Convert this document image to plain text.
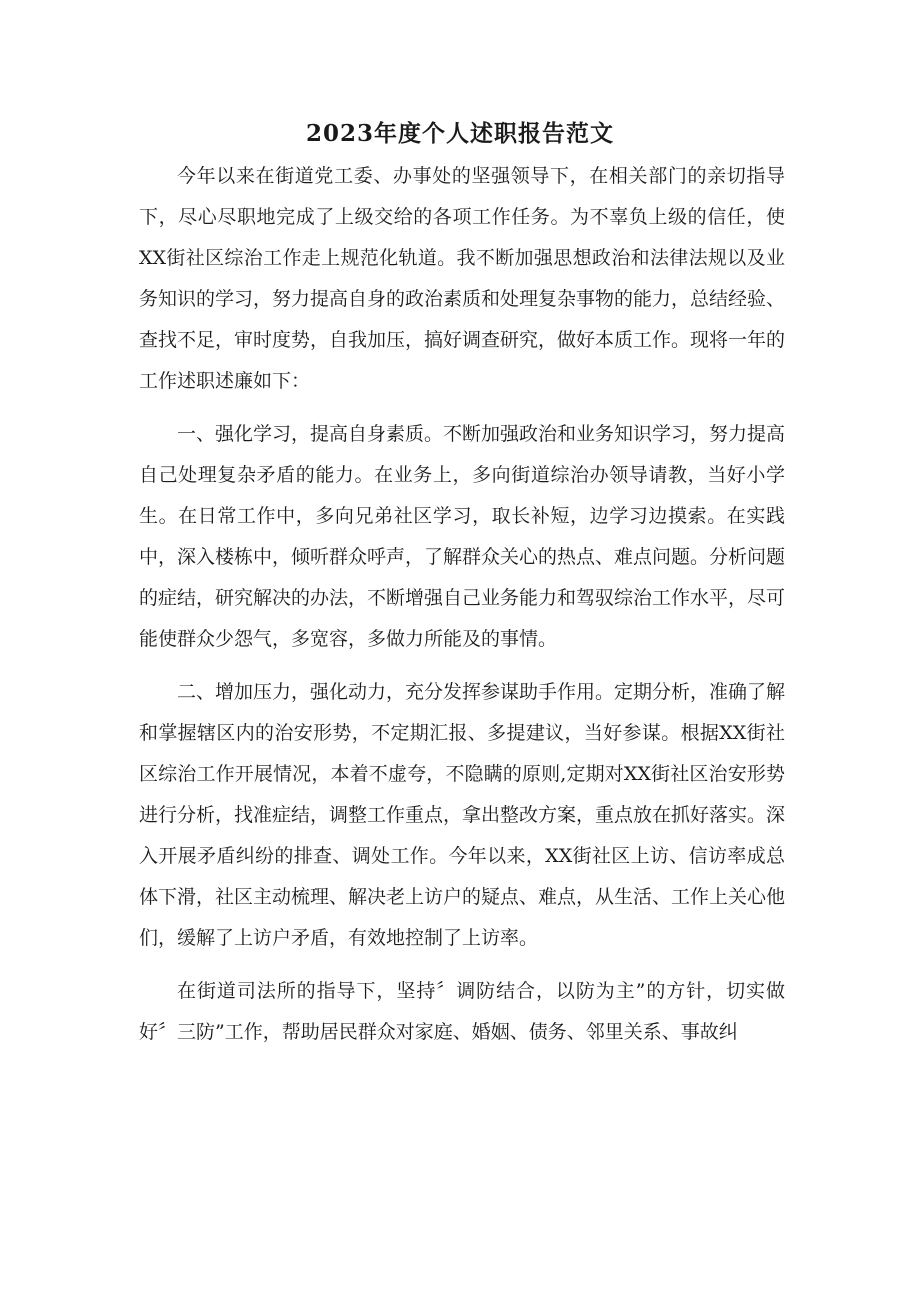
2023年度个人述职报告范文

今年以来在街道党工委、办事处的坚强领导下，在相关部门的亲切指导下，尽心尽职地完成了上级交给的各项工作任务。为不辜负上级的信任，使XX街社区综治工作走上规范化轨道。我不断加强思想政治和法律法规以及业务知识的学习，努力提高自身的政治素质和处理复杂事物的能力，总结经验、查找不足，审时度势，自我加压，搞好调查研究，做好本质工作。现将一年的工作述职述廉如下：

一、强化学习，提高自身素质。不断加强政治和业务知识学习，努力提高自己处理复杂矛盾的能力。在业务上，多向街道综治办领导请教，当好小学生。在日常工作中，多向兄弟社区学习，取长补短，边学习边摸索。在实践中，深入楼栋中，倾听群众呼声，了解群众关心的热点、难点问题。分析问题的症结，研究解决的办法，不断增强自己业务能力和驾驭综治工作水平，尽可能使群众少怨气，多宽容，多做力所能及的事情。

二、增加压力，强化动力，充分发挥参谋助手作用。定期分析，准确了解和掌握辖区内的治安形势，不定期汇报、多提建议，当好参谋。根据XX街社区综治工作开展情况，本着不虚夸，不隐瞒的原则,定期对XX街社区治安形势进行分析，找准症结，调整工作重点，拿出整改方案，重点放在抓好落实。深入开展矛盾纠纷的排查、调处工作。今年以来，XX街社区上访、信访率成总体下滑，社区主动梳理、解决老上访户的疑点、难点，从生活、工作上关心他们，缓解了上访户矛盾，有效地控制了上访率。

在街道司法所的指导下，坚持〞调防结合，以防为主”的方针，切实做好〞三防”工作，帮助居民群众对家庭、婚姻、债务、邻里关系、事故纠
